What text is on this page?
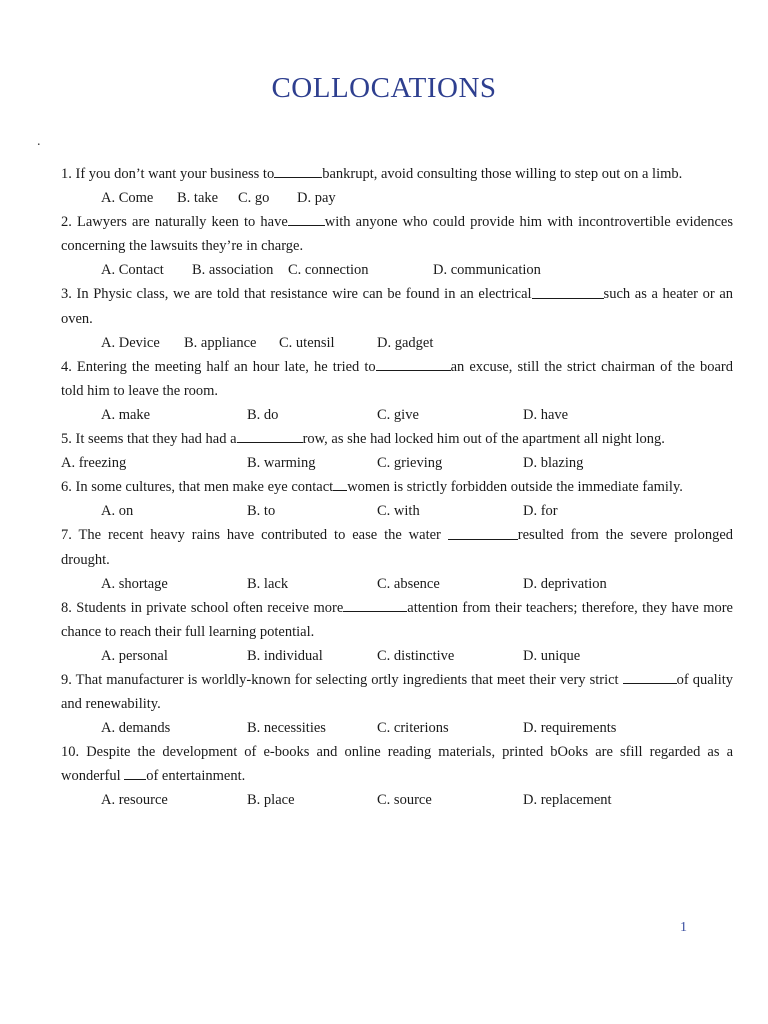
COLLOCATIONS
.

1. If you don’t want your business to	bankrupt, avoid consulting those willing to step out on a limb.

A. Come B. take C. go D. pay

2. Lawyers are naturally keen to have	with anyone who could provide him with incontrovertible evidences concerning the lawsuits they’re in charge.

A. Contact B. association C. connection	D. communication

3. In Physic class, we are told that resistance wire can be found in an electrical	such as a heater or an oven.

A. Device B. appliance C. utensil	D. gadget

4. Entering the meeting half an hour late, he tried to	an excuse, still the strict chairman of the board told him to leave the room.

A. make	B. do	C. give	D. have

5. It seems that they had had a	row, as she had locked him out of the apartment all night long.

A. freezing	B. warming	C. grieving	D. blazing

6. In some cultures, that men make eye contact women is strictly forbidden outside the immediate family.

A. on	B. to	C. with	D. for

7. The recent heavy rains have contributed to ease the water	resulted from the severe prolonged drought.

A. shortage	B. lack	C. absence	D. deprivation

8. Students in private school often receive more	attention from their teachers; therefore, they have more chance to reach their full learning potential.

A. personal	B. individual	C. distinctive	D. unique

9. That manufacturer is worldly-known for selecting ortly ingredients that meet their very strict	of quality and renewability.

A. demands	B. necessities	C. criterions	D. requirements

10. Despite the development of e-books and online reading materials, printed bOoks are sfill regarded as a wonderful of entertainment.

A. resource	B. place	C. source	D. replacement
1
